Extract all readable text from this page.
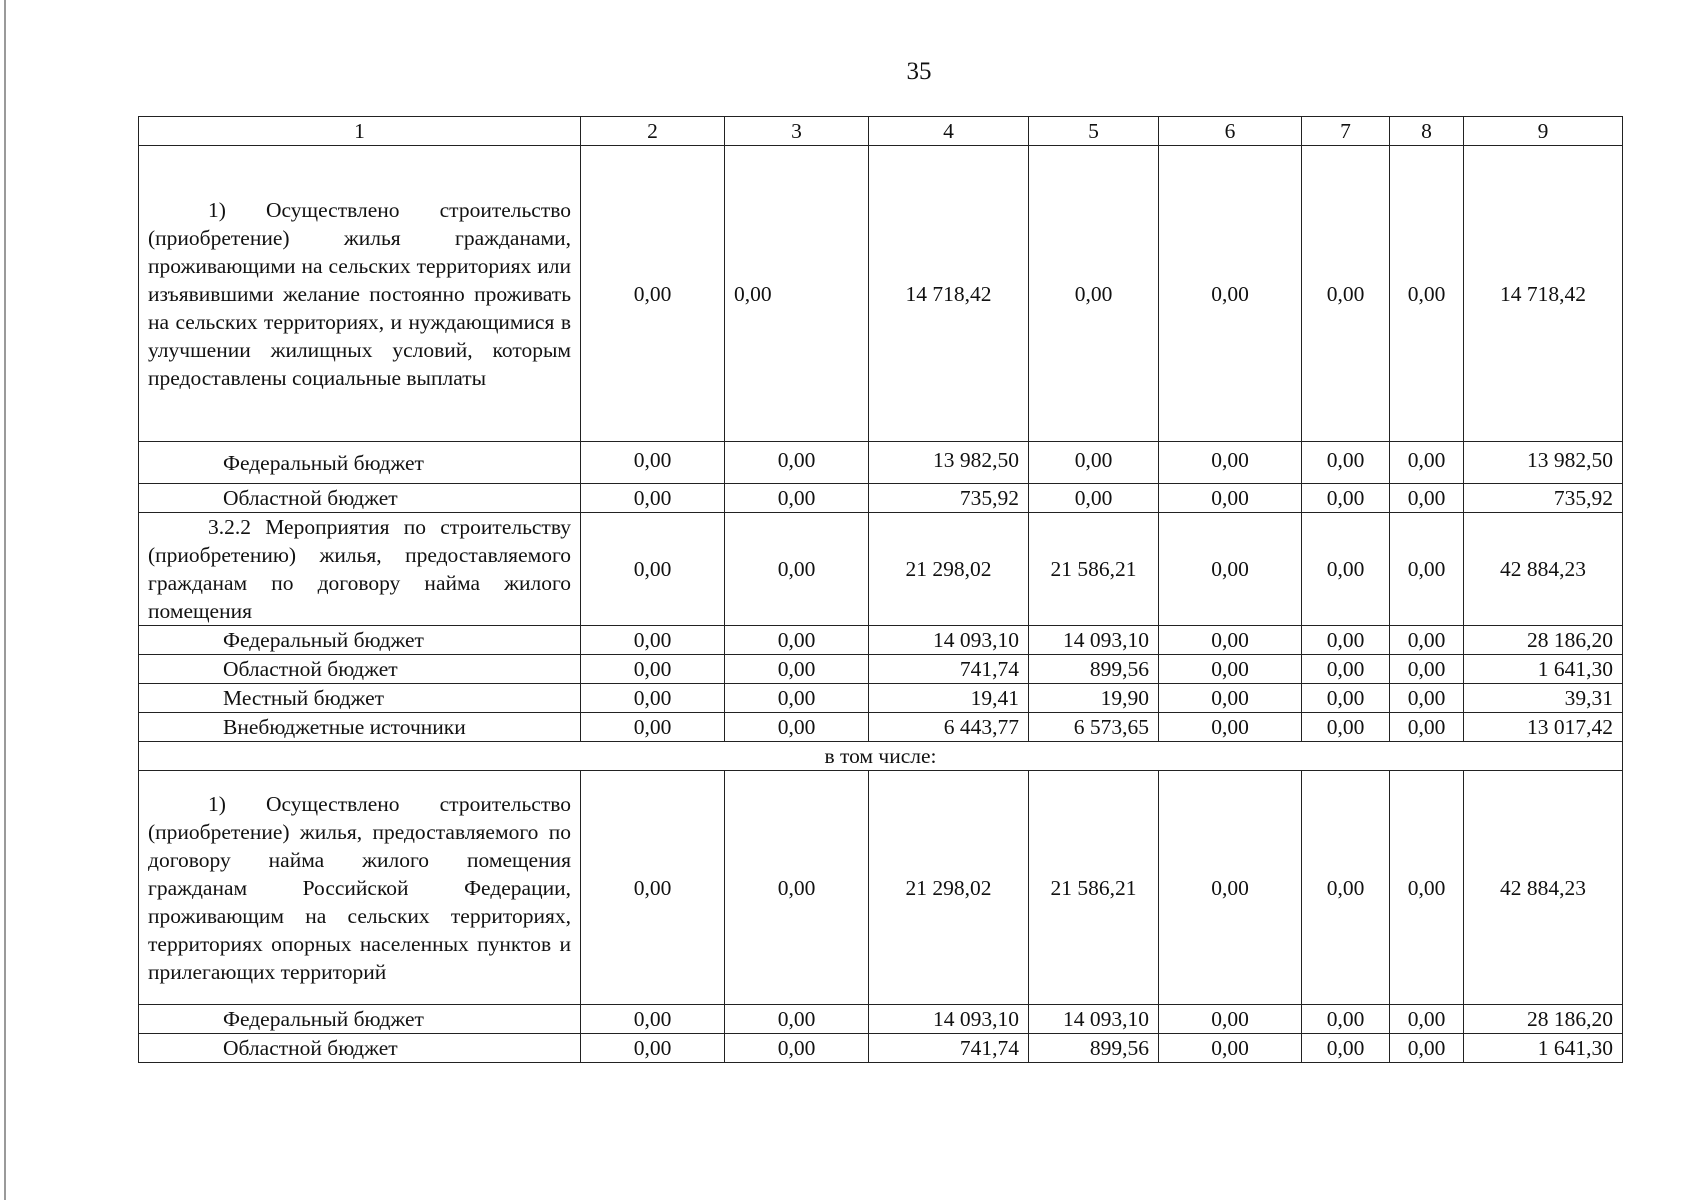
35
1	2	3	4	5	6	7	8	9
1) Осуществлено строительство (приобретение) жилья гражданами, проживающими на сельских территориях или изъявившими желание постоянно проживать на сельских территориях, и нуждающимися в улучшении жилищных условий, которым предоставлены социальные выплаты	0,00	0,00	14 718,42	0,00	0,00	0,00	0,00	14 718,42
Федеральный бюджет	0,00	0,00	13 982,50	0,00	0,00	0,00	0,00	13 982,50
Областной бюджет	0,00	0,00	735,92	0,00	0,00	0,00	0,00	735,92
3.2.2 Мероприятия по строительству (приобретению) жилья, предоставляемого гражданам по договору найма жилого помещения	0,00	0,00	21 298,02	21 586,21	0,00	0,00	0,00	42 884,23
Федеральный бюджет	0,00	0,00	14 093,10	14 093,10	0,00	0,00	0,00	28 186,20
Областной бюджет	0,00	0,00	741,74	899,56	0,00	0,00	0,00	1 641,30
Местный бюджет	0,00	0,00	19,41	19,90	0,00	0,00	0,00	39,31
Внебюджетные источники	0,00	0,00	6 443,77	6 573,65	0,00	0,00	0,00	13 017,42
в том числе:								
1) Осуществлено строительство (приобретение) жилья, предоставляемого по договору найма жилого помещения гражданам Российской Федерации, проживающим на сельских территориях, территориях опорных населенных пунктов и прилегающих территорий	0,00	0,00	21 298,02	21 586,21	0,00	0,00	0,00	42 884,23
Федеральный бюджет	0,00	0,00	14 093,10	14 093,10	0,00	0,00	0,00	28 186,20
Областной бюджет	0,00	0,00	741,74	899,56	0,00	0,00	0,00	1 641,30
